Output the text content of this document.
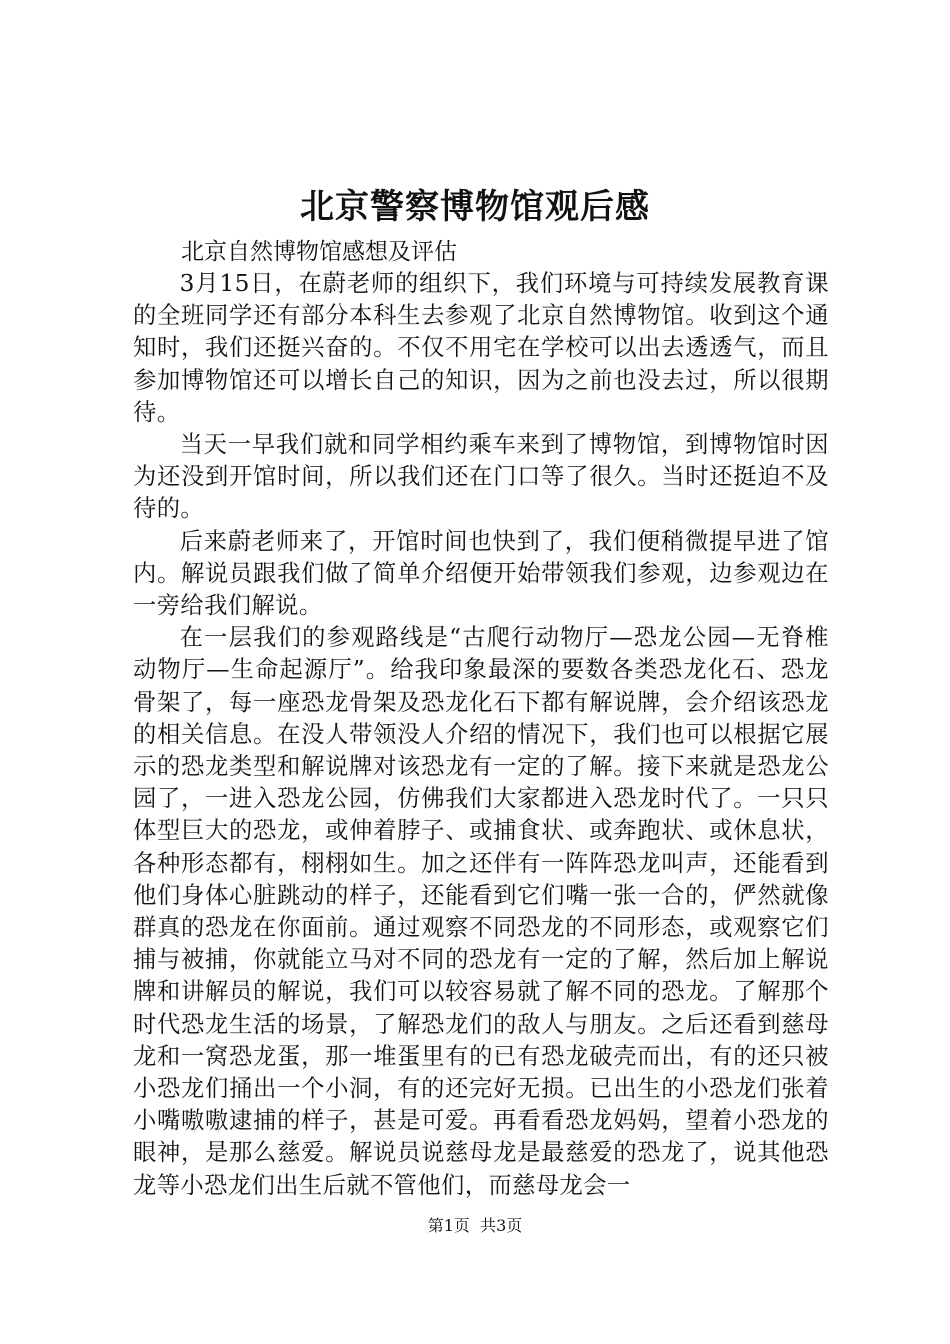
北京警察博物馆观后感

北京自然博物馆感想及评估

3月15日，在蔚老师的组织下，我们环境与可持续发展教育课的全班同学还有部分本科生去参观了北京自然博物馆。收到这个通知时，我们还挺兴奋的。不仅不用宅在学校可以出去透透气，而且参加博物馆还可以增长自己的知识，因为之前也没去过，所以很期待。

当天一早我们就和同学相约乘车来到了博物馆，到博物馆时因为还没到开馆时间，所以我们还在门口等了很久。当时还挺迫不及待的。

后来蔚老师来了，开馆时间也快到了，我们便稍微提早进了馆内。解说员跟我们做了简单介绍便开始带领我们参观，边参观边在一旁给我们解说。

在一层我们的参观路线是“古爬行动物厅—恐龙公园—无脊椎动物厅—生命起源厅”。给我印象最深的要数各类恐龙化石、恐龙骨架了，每一座恐龙骨架及恐龙化石下都有解说牌，会介绍该恐龙的相关信息。在没人带领没人介绍的情况下，我们也可以根据它展示的恐龙类型和解说牌对该恐龙有一定的了解。接下来就是恐龙公园了，一进入恐龙公园，仿佛我们大家都进入恐龙时代了。一只只体型巨大的恐龙，或伸着脖子、或捕食状、或奔跑状、或休息状，各种形态都有，栩栩如生。加之还伴有一阵阵恐龙叫声，还能看到他们身体心脏跳动的样子，还能看到它们嘴一张一合的，俨然就像群真的恐龙在你面前。通过观察不同恐龙的不同形态，或观察它们捕与被捕，你就能立马对不同的恐龙有一定的了解，然后加上解说牌和讲解员的解说，我们可以较容易就了解不同的恐龙。了解那个时代恐龙生活的场景，了解恐龙们的敌人与朋友。之后还看到慈母龙和一窝恐龙蛋，那一堆蛋里有的已有恐龙破壳而出，有的还只被小恐龙们捅出一个小洞，有的还完好无损。已出生的小恐龙们张着小嘴嗷嗷逮捕的样子，甚是可爱。再看看恐龙妈妈，望着小恐龙的眼神，是那么慈爱。解说员说慈母龙是最慈爱的恐龙了，说其他恐龙等小恐龙们出生后就不管他们，而慈母龙会一

第1页  共3页
